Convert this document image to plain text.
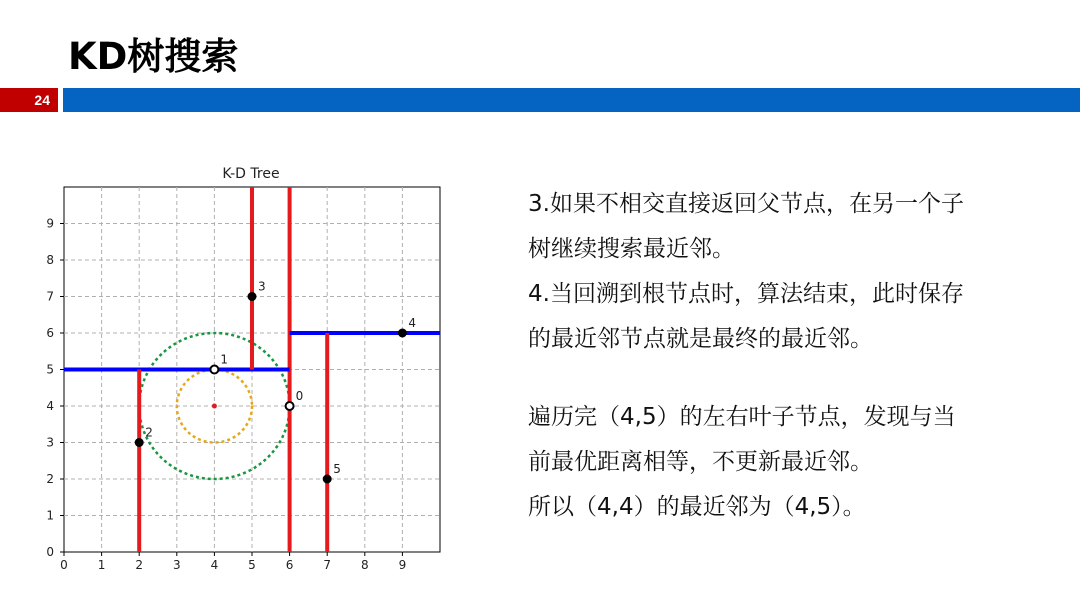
KD树搜索
24
K-D Tree
0 1 2 3 4 5 6 7 8 9
0
1
2
3
4
5
6
7
8
9
0
1
2
3
4
5

3.如果不相交直接返回父节点，在另一个子

树继续搜索最近邻。

4.当回溯到根节点时，算法结束，此时保存

的最近邻节点就是最终的最近邻。

遍历完（4,5）的左右叶子节点，发现与当

前最优距离相等，不更新最近邻。

所以（4,4）的最近邻为（4,5）。
